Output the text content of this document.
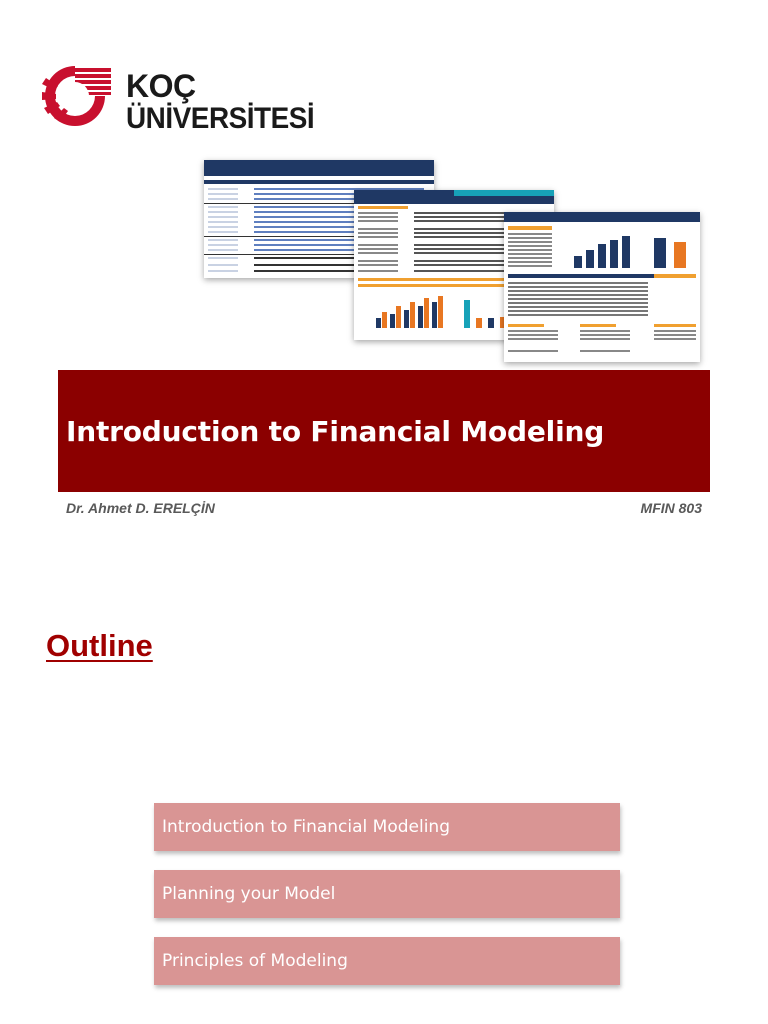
KOÇ
ÜNİVERSİTESİ
Introduction to Financial Modeling
Dr. Ahmet D. ERELÇİN	MFIN 803
Outline
Introduction to Financial Modeling
Planning your Model
Principles of Modeling
